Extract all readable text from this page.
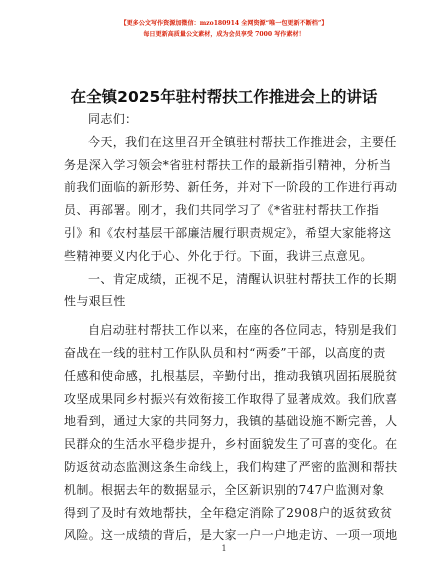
【更多公文写作资源加微信：mzo180914 全网资源“唯一包更新不断档”】
每日更新高质量公文素材，成为会员享受 7000 写作素材！
在全镇2025年驻村帮扶工作推进会上的讲话
同志们：
今天，我们在这里召开全镇驻村帮扶工作推进会，主要任
务是深入学习领会*省驻村帮扶工作的最新指引精神，分析当
前我们面临的新形势、新任务，并对下一阶段的工作进行再动
员、再部署。刚才，我们共同学习了《*省驻村帮扶工作指
引》和《农村基层干部廉洁履行职责规定》，希望大家能将这
些精神要义内化于心、外化于行。下面，我讲三点意见。
一、肯定成绩，正视不足，清醒认识驻村帮扶工作的长期
性与艰巨性
自启动驻村帮扶工作以来，在座的各位同志，特别是我们
奋战在一线的驻村工作队队员和村“两委”干部，以高度的责
任感和使命感，扎根基层，辛勤付出，推动我镇巩固拓展脱贫
攻坚成果同乡村振兴有效衔接工作取得了显著成效。我们欣喜
地看到，通过大家的共同努力，我镇的基础设施不断完善，人
民群众的生活水平稳步提升，乡村面貌发生了可喜的变化。在
防返贫动态监测这条生命线上，我们构建了严密的监测和帮扶
机制。根据去年的数据显示，全区新识别的747户监测对象
得到了及时有效地帮扶，全年稳定消除了2908户的返贫致贫
风险。这一成绩的背后，是大家一户一户地走访、一项一项地
1
